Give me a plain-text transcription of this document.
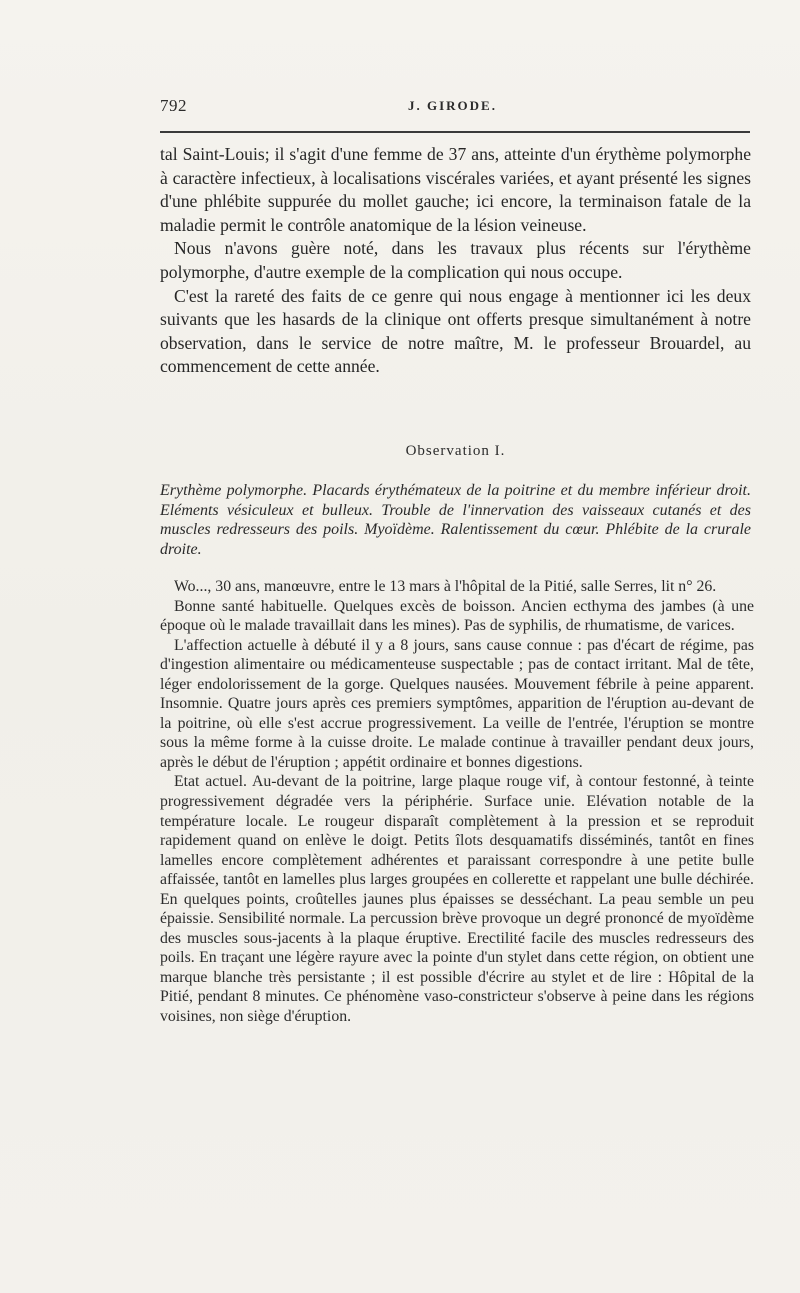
792	J. GIRODE.

tal Saint-Louis; il s'agit d'une femme de 37 ans, atteinte d'un érythème polymorphe à caractère infectieux, à localisations viscérales variées, et ayant présenté les signes d'une phlébite suppurée du mollet gauche; ici encore, la terminaison fatale de la maladie permit le contrôle anatomique de la lésion veineuse.

Nous n'avons guère noté, dans les travaux plus récents sur l'érythème polymorphe, d'autre exemple de la complication qui nous occupe.

C'est la rareté des faits de ce genre qui nous engage à mentionner ici les deux suivants que les hasards de la clinique ont offerts presque simultanément à notre observation, dans le service de notre maître, M. le professeur Brouardel, au commencement de cette année.

Observation I.
Erythème polymorphe. Placards érythémateux de la poitrine et du membre inférieur droit. Eléments vésiculeux et bulleux. Trouble de l'innervation des vaisseaux cutanés et des muscles redresseurs des poils. Myoïdème. Ralentissement du cœur. Phlébite de la crurale droite.

Wo..., 30 ans, manœuvre, entre le 13 mars à l'hôpital de la Pitié, salle Serres, lit n° 26.

Bonne santé habituelle. Quelques excès de boisson. Ancien ecthyma des jambes (à une époque où le malade travaillait dans les mines). Pas de syphilis, de rhumatisme, de varices.

L'affection actuelle à débuté il y a 8 jours, sans cause connue : pas d'écart de régime, pas d'ingestion alimentaire ou médicamenteuse suspectable ; pas de contact irritant. Mal de tête, léger endolorissement de la gorge. Quelques nausées. Mouvement fébrile à peine apparent. Insomnie. Quatre jours après ces premiers symptômes, apparition de l'éruption au-devant de la poitrine, où elle s'est accrue progressivement. La veille de l'entrée, l'éruption se montre sous la même forme à la cuisse droite. Le malade continue à travailler pendant deux jours, après le début de l'éruption ; appétit ordinaire et bonnes digestions.

Etat actuel. Au-devant de la poitrine, large plaque rouge vif, à contour festonné, à teinte progressivement dégradée vers la périphérie. Surface unie. Elévation notable de la température locale. Le rougeur disparaît complètement à la pression et se reproduit rapidement quand on enlève le doigt. Petits îlots desquamatifs disséminés, tantôt en fines lamelles encore complètement adhérentes et paraissant correspondre à une petite bulle affaissée, tantôt en lamelles plus larges groupées en collerette et rappelant une bulle déchirée. En quelques points, croûtelles jaunes plus épaisses se desséchant. La peau semble un peu épaissie. Sensibilité normale. La percussion brève provoque un degré prononcé de myoïdème des muscles sous-jacents à la plaque éruptive. Erectilité facile des muscles redresseurs des poils. En traçant une légère rayure avec la pointe d'un stylet dans cette région, on obtient une marque blanche très persistante ; il est possible d'écrire au stylet et de lire : Hôpital de la Pitié, pendant 8 minutes. Ce phénomène vaso-constricteur s'observe à peine dans les régions voisines, non siège d'éruption.
